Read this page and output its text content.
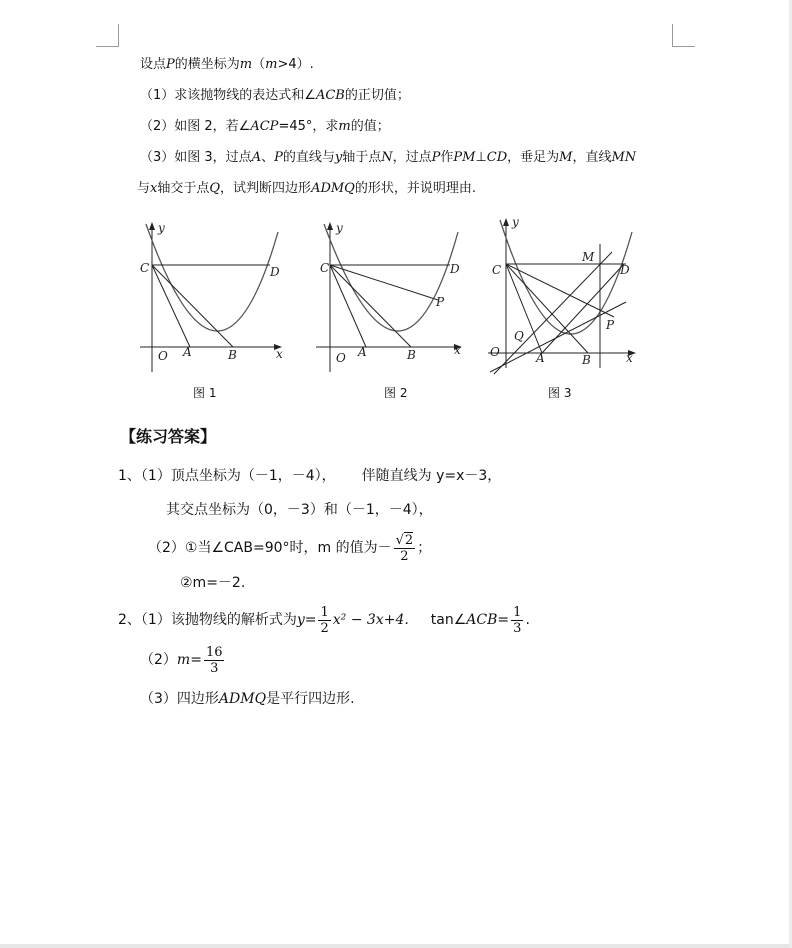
设点P的横坐标为m（m>4）.
（1）求该抛物线的表达式和∠ACB的正切值；
（2）如图 2，若∠ACP=45°，求m的值；
（3）如图 3，过点A、P的直线与y轴于点N，过点P作PM⊥CD，垂足为M，直线MN
与x轴交于点Q，试判断四边形ADMQ的形状，并说明理由.
y
C	D
O A	B	x
图 1
y
C	D
P
O A	B	x
图 2
y
C
M
D
P
Q
O	A	B	x
图 3
【练习答案】
1、（1）顶点坐标为（－1，－4）， 伴随直线为 y=x－3，
其交点坐标为（0，－3）和（－1，－4），
（2）①当∠CAB=90°时，m 的值为－ $\frac{√2}{2}$ ；
②m=－2.
2、（1）该抛物线的解析式为$y= \frac{1}{2} x^2 - 3x+4$. tan∠ACB= $\frac{1}{3}$ .
$(2)m= \frac{16}{3}$
（3）四边形ADMQ是平行四边形.
